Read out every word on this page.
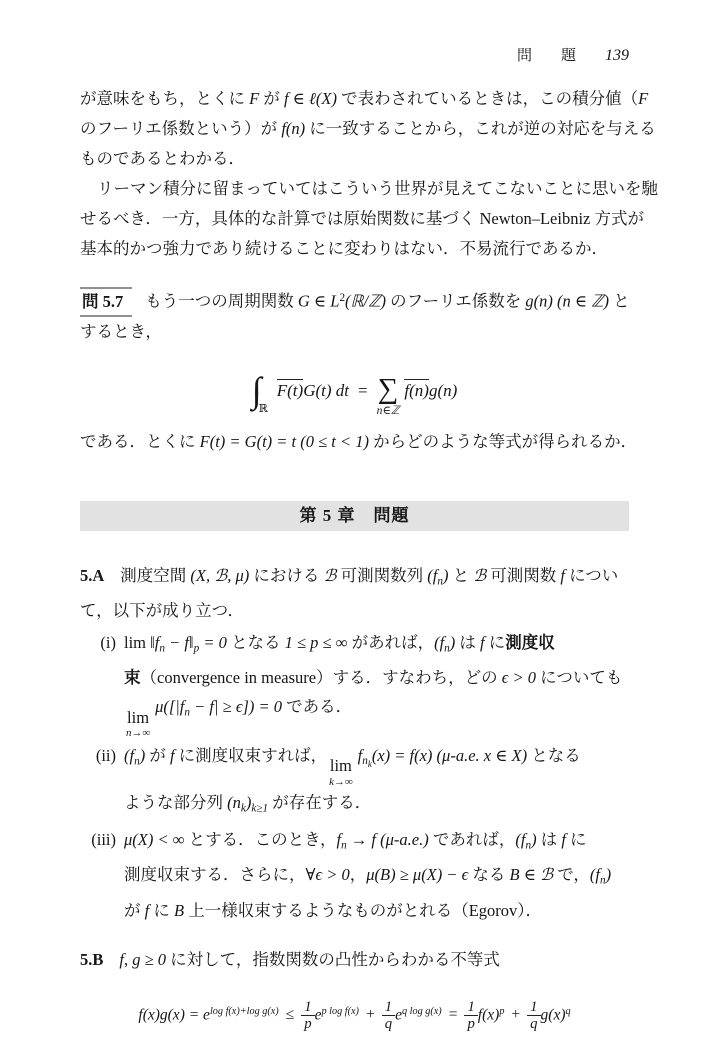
問　題 139
が意味をもち，とくに F が f ∈ ℓ(X) で表わされているときは，この積分値（F
のフーリエ係数という）が f(n) に一致することから，これが逆の対応を与える
ものであるとわかる．
リーマン積分に留まっていてはこういう世界が見えてこないことに思いを馳
せるべき．一方，具体的な計算では原始関数に基づく Newton–Leibniz 方式が
基本的かつ強力であり続けることに変わりはない．不易流行であるか．
問 5.7 もう一つの周期関数 G ∈ $L^2(ℝ/ℤ)$ のフーリエ係数を g(n) (n ∈ ℤ) と
するとき，
$\int_ℝF(t)G(t)$ dt = ∑
n∈ℤ
f(n)g(n)
である．とくに F(t) = G(t) = t (0 ≤ t < 1) からどのような等式が得られるか．
第 5 章　問題
5.A 測度空間 (X, ℬ, μ) における ℬ 可測関数列 $(f_n)$ と ℬ 可測関数 f につい
て，以下が成り立つ．
(i) $\lim ‖f_n$ − $f‖_p = 0$ となる 1 ≤ p ≤ ∞ があれば，$(f_n)$ は f に測度収
束（convergence in measure）する．すなわち，どの ϵ > 0 についても
lim
n→∞
$\mu([|f_n - f| \ge \epsilon]) = 0$ である．
(ii) $(f_n)$ が f に測度収束すれば，
lim
k→∞
$f_{n_k}(x) = f(x)$ (μ-a.e. x ∈ X) となる
ような部分列 $(n_k)_{k\ge 1}$ が存在する．
(iii) μ(X) < ∞ とする．このとき，$f_n \to f$ (μ-a.e.) であれば，$(f_n)$ は f に
測度収束する．さらに，∀ϵ > 0，μ(B) ≥ μ(X) − ϵ なる B ∈ ℬ で，$(f_n)$
が f に B 上一様収束するようなものがとれる（Egorov）．
5.B f, g ≥ 0 に対して，指数関数の凸性からわかる不等式
$f(x)g(x) = e^{log f(x)+log g(x)} \le \frac{1}{p} e^{p log f(x)} + \frac{1}{q} e^{q log g(x)} = \frac{1}{p} f(x)^p + \frac{1}{q} g(x)^q$
